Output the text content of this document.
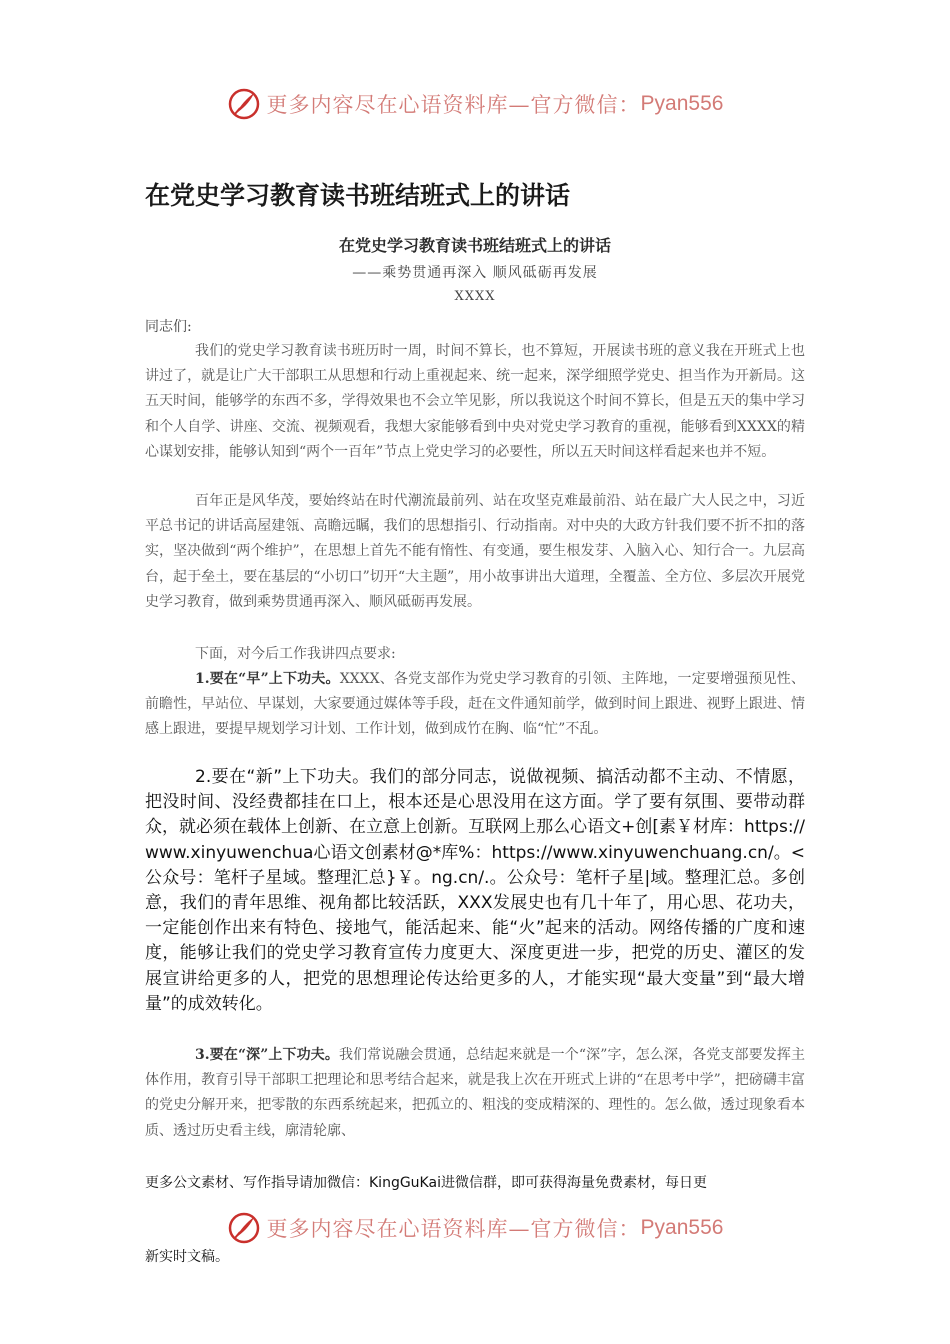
更多内容尽在心语资料库—官方微信： Pyan556
在党史学习教育读书班结班式上的讲话
在党史学习教育读书班结班式上的讲话
——乘势贯通再深入 顺风砥砺再发展
XXXX
同志们:

我们的党史学习教育读书班历时一周，时间不算长，也不算短，开展读书班的意义我在开班式上也讲过了，就是让广大干部职工从思想和行动上重视起来、统一起来，深学细照学党史、担当作为开新局。这五天时间，能够学的东西不多，学得效果也不会立竿见影，所以我说这个时间不算长，但是五天的集中学习和个人自学、讲座、交流、视频观看，我想大家能够看到中央对党史学习教育的重视，能够看到XXXX的精心谋划安排，能够认知到“两个一百年”节点上党史学习的必要性，所以五天时间这样看起来也并不短。

百年正是风华茂，要始终站在时代潮流最前列、站在攻坚克难最前沿、站在最广大人民之中，习近平总书记的讲话高屋建瓴、高瞻远瞩，我们的思想指引、行动指南。对中央的大政方针我们要不折不扣的落实，坚决做到“两个维护”，在思想上首先不能有惰性、有变通，要生根发芽、入脑入心、知行合一。九层高台，起于垒土，要在基层的“小切口”切开“大主题”，用小故事讲出大道理，全覆盖、全方位、多层次开展党史学习教育，做到乘势贯通再深入、顺风砥砺再发展。

下面，对今后工作我讲四点要求:

1.要在“早”上下功夫。XXXX、各党支部作为党史学习教育的引领、主阵地，一定要增强预见性、前瞻性，早站位、早谋划，大家要通过媒体等手段，赶在文件通知前学，做到时间上跟进、视野上跟进、情感上跟进，要提早规划学习计划、工作计划，做到成竹在胸、临“忙”不乱。

2.要在“新”上下功夫。我们的部分同志，说做视频、搞活动都不主动、不情愿，把没时间、没经费都挂在口上，根本还是心思没用在这方面。学了要有氛围、要带动群众，就必须在载体上创新、在立意上创新。互联网上那么心语文+创[素￥材库：https://www.xinyuwenchua心语文创素材@*库%：https://www.xinyuwenchuang.cn/。<公众号：笔杆子星域。整理汇总}￥。ng.cn/.。公众号：笔杆子星|域。整理汇总。多创意，我们的青年思维、视角都比较活跃，XXX发展史也有几十年了，用心思、花功夫，一定能创作出来有特色、接地气，能活起来、能“火”起来的活动。网络传播的广度和速度，能够让我们的党史学习教育宣传力度更大、深度更进一步，把党的历史、灌区的发展宣讲给更多的人，把党的思想理论传达给更多的人，才能实现“最大变量”到“最大增量”的成效转化。

3.要在“深”上下功夫。我们常说融会贯通，总结起来就是一个“深”字，怎么深，各党支部要发挥主体作用，教育引导干部职工把理论和思考结合起来，就是我上次在开班式上讲的“在思考中学”，把磅礴丰富的党史分解开来，把零散的东西系统起来，把孤立的、粗浅的变成精深的、理性的。怎么做，透过现象看本质、透过历史看主线，廓清轮廓、

更多公文素材、写作指导请加微信：KingGuKai进微信群，即可获得海量免费素材，每日更
更多内容尽在心语资料库—官方微信： Pyan556
新实时文稿。
